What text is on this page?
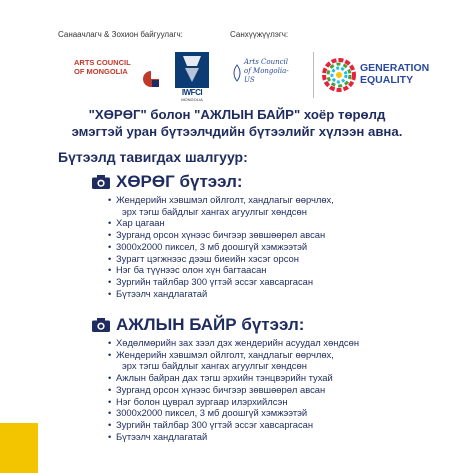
Санаачлагч & Зохион байгуулагч:	Санхүүжүүлэгч:
ARTS COUNCIL OF MONGOLIA
IWFCI
MONGOLIA
Arts Council of Mongolia-US
GENERATION EQUALITY
"ХӨРӨГ" болон "АЖЛЫН БАЙР" хоёр төрөлд
эмэгтэй уран бүтээлчдийн бүтээлийг хүлээн авна.
Бүтээлд тавигдах шалгуур:
ХӨРӨГ бүтээл:
• Жендерийн хэвшмэл ойлголт, хандлагыг өөрчлөх,
эрх тэгш байдлыг хангах агуулгыг хөндсөн
• Хар цагаан
• Зурганд орсон хүнээс бичгээр зөвшөөрөл авсан
• 3000х2000 пиксел, 3 мб доошгүй хэмжээтэй
• Зурагт цэгжнээс дээш биеийн хэсэг орсон
• Нэг ба түүнээс олон хүн багтаасан
• Зургийн тайлбар 300 үгтэй эссэг хавсаргасан
• Бүтээлч хандлагатай
АЖЛЫН БАЙР бүтээл:
• Хөдөлмөрийн зах зээл дэх жендерийн асуудал хөндсөн
• Жендерийн хэвшмэл ойлголт, хандлагыг өөрчлөх,
эрх тэгш байдлыг хангах агуулгыг хөндсөн
• Ажлын байран дах тэгш эрхийн тэнцвэрийн тухай
• Зурганд орсон хүнээс бичгээр зөвшөөрөл авсан
• Нэг болон цуврал зургаар илэрхийлсэн
• 3000х2000 пиксел, 3 мб доошгүй хэмжээтэй
• Зургийн тайлбар 300 үгтэй эссэг хавсаргасан
• Бүтээлч хандлагатай
